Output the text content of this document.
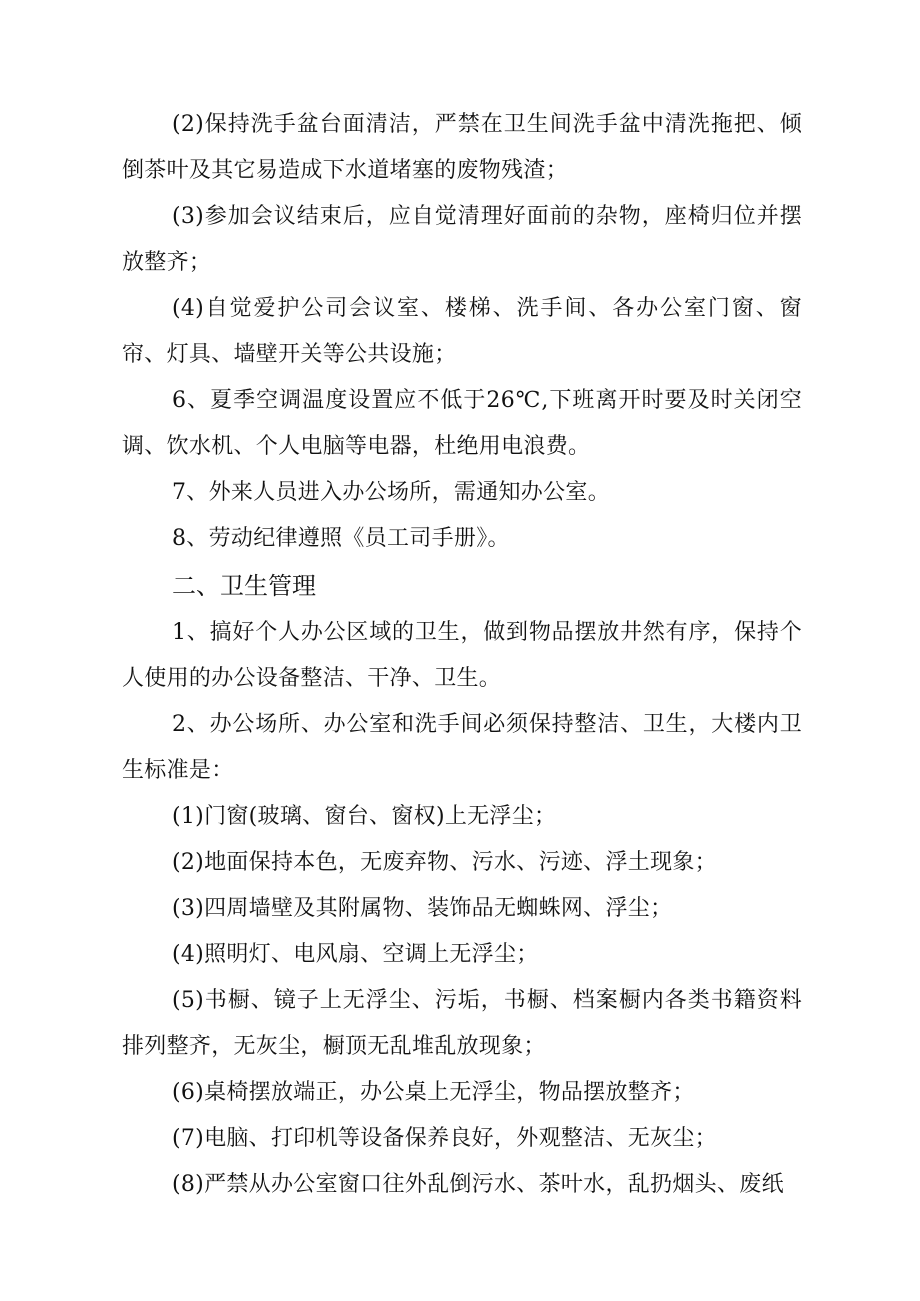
(2)保持洗手盆台面清洁，严禁在卫生间洗手盆中清洗拖把、倾倒茶叶及其它易造成下水道堵塞的废物残渣；

(3)参加会议结束后，应自觉清理好面前的杂物，座椅归位并摆放整齐；

(4)自觉爱护公司会议室、楼梯、洗手间、各办公室门窗、窗帘、灯具、墙壁开关等公共设施；

6、夏季空调温度设置应不低于26℃,下班离开时要及时关闭空调、饮水机、个人电脑等电器，杜绝用电浪费。

7、外来人员进入办公场所，需通知办公室。

8、劳动纪律遵照《员工司手册》。

二、卫生管理

1、搞好个人办公区域的卫生，做到物品摆放井然有序，保持个人使用的办公设备整洁、干净、卫生。

2、办公场所、办公室和洗手间必须保持整洁、卫生，大楼内卫生标准是：

(1)门窗(玻璃、窗台、窗权)上无浮尘；

(2)地面保持本色，无废弃物、污水、污迹、浮土现象；

(3)四周墙壁及其附属物、装饰品无蜘蛛网、浮尘；

(4)照明灯、电风扇、空调上无浮尘；

(5)书橱、镜子上无浮尘、污垢，书橱、档案橱内各类书籍资料排列整齐，无灰尘，橱顶无乱堆乱放现象；

(6)桌椅摆放端正，办公桌上无浮尘，物品摆放整齐；

(7)电脑、打印机等设备保养良好，外观整洁、无灰尘；

(8)严禁从办公室窗口往外乱倒污水、茶叶水，乱扔烟头、废纸
